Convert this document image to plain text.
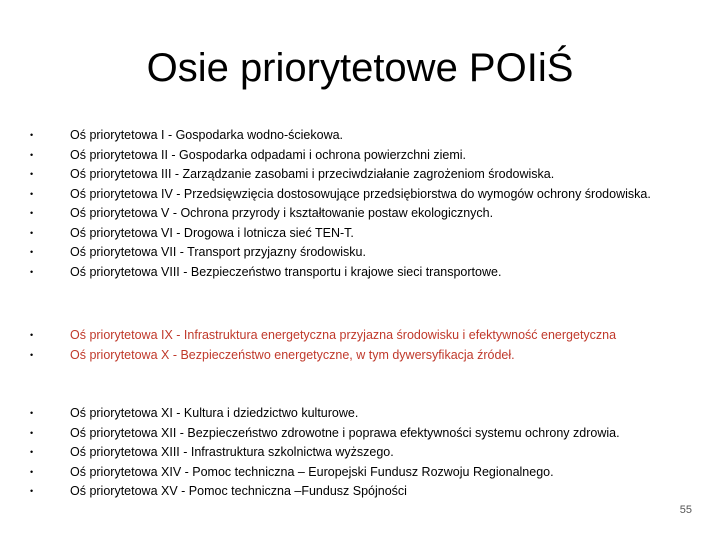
Osie priorytetowe POIiŚ
•	Oś priorytetowa I - Gospodarka wodno-ściekowa.
•	Oś priorytetowa II - Gospodarka odpadami i ochrona powierzchni ziemi.
•	Oś priorytetowa III - Zarządzanie zasobami i przeciwdziałanie zagrożeniom środowiska.
•	Oś priorytetowa IV - Przedsięwzięcia dostosowujące przedsiębiorstwa do wymogów ochrony środowiska.
•	Oś priorytetowa V - Ochrona przyrody i kształtowanie postaw ekologicznych.
•	Oś priorytetowa VI - Drogowa i lotnicza sieć TEN-T.
•	Oś priorytetowa VII - Transport przyjazny środowisku.
•	Oś priorytetowa VIII - Bezpieczeństwo transportu i krajowe sieci transportowe.
•	Oś priorytetowa IX - Infrastruktura energetyczna przyjazna środowisku i efektywność energetyczna
•	Oś priorytetowa X - Bezpieczeństwo energetyczne, w tym dywersyfikacja źródeł.
•	Oś priorytetowa XI - Kultura i dziedzictwo kulturowe.
•	Oś priorytetowa XII - Bezpieczeństwo zdrowotne i poprawa efektywności systemu ochrony zdrowia.
•	Oś priorytetowa XIII - Infrastruktura szkolnictwa wyższego.
•	Oś priorytetowa XIV - Pomoc techniczna – Europejski Fundusz Rozwoju Regionalnego.
•	Oś priorytetowa XV - Pomoc techniczna –Fundusz Spójności
55
